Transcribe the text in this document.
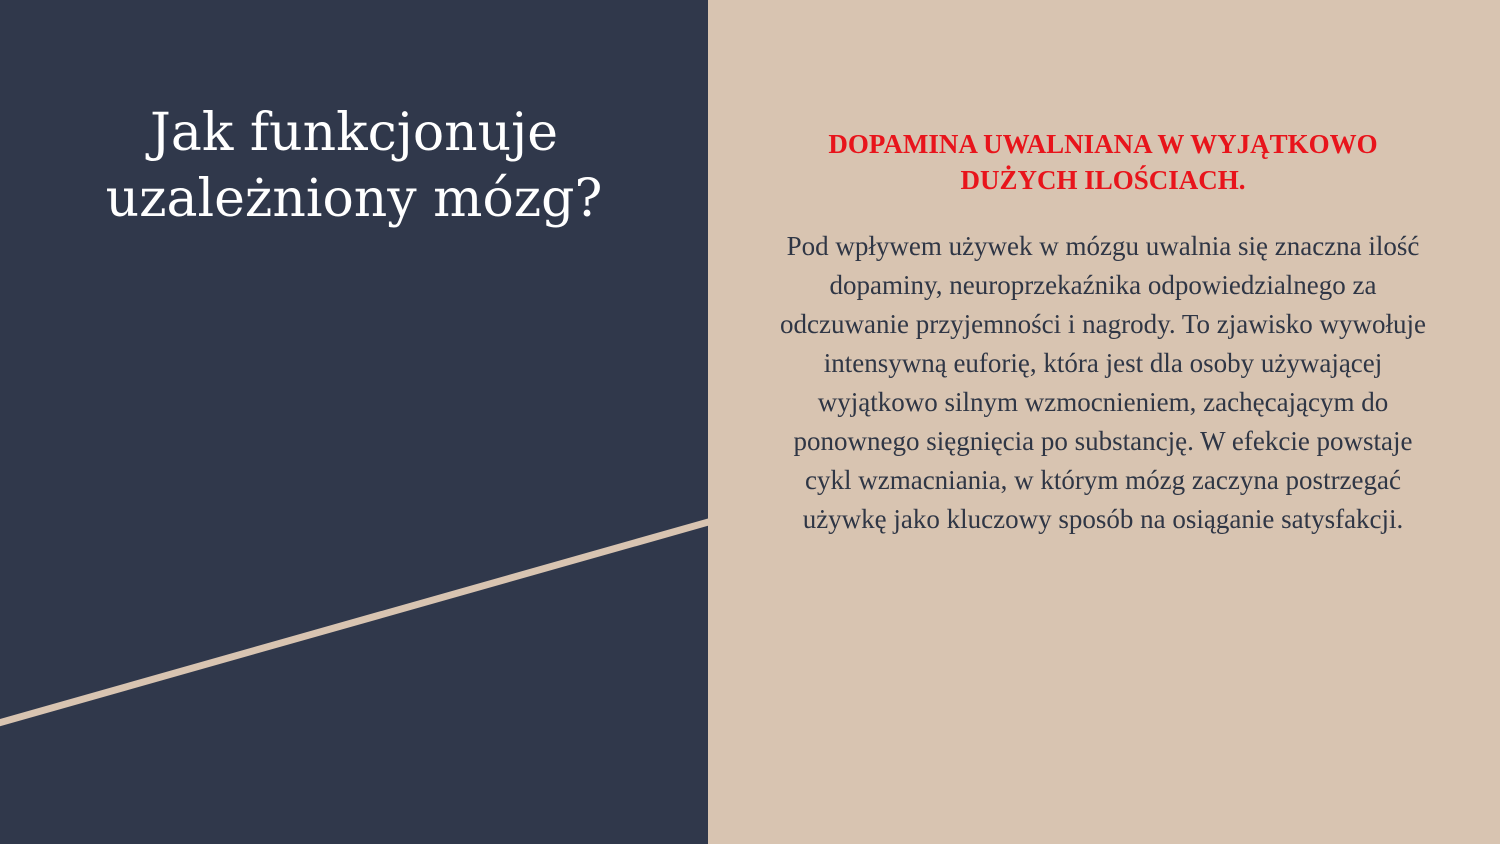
Jak funkcjonuje uzależniony mózg?
DOPAMINA UWALNIANA W WYJĄTKOWO DUŻYCH ILOŚCIACH.

Pod wpływem używek w mózgu uwalnia się znaczna ilość dopaminy, neuroprzekaźnika odpowiedzialnego za odczuwanie przyjemności i nagrody. To zjawisko wywołuje intensywną euforię, która jest dla osoby używającej wyjątkowo silnym wzmocnieniem, zachęcającym do ponownego sięgnięcia po substancję. W efekcie powstaje cykl wzmacniania, w którym mózg zaczyna postrzegać używkę jako kluczowy sposób na osiąganie satysfakcji.
